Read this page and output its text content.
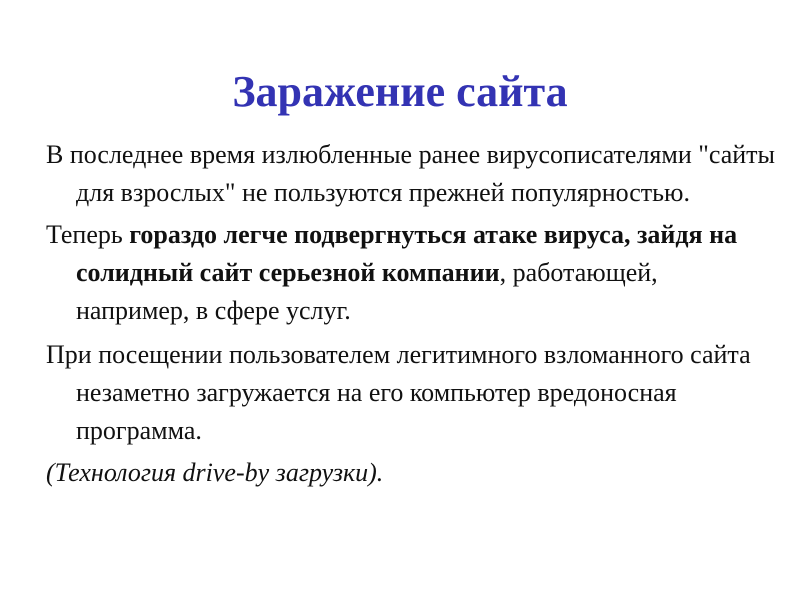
Заражение сайта

В последнее время излюбленные ранее вирусописателями "сайты для взрослых" не пользуются прежней популярностью.

Теперь гораздо легче подвергнуться атаке вируса, зайдя на солидный сайт серьезной компании, работающей, например, в сфере услуг.

При посещении пользователем легитимного взломанного сайта незаметно загружается на его компьютер вредоносная программа.

(Технология drive-by загрузки).
